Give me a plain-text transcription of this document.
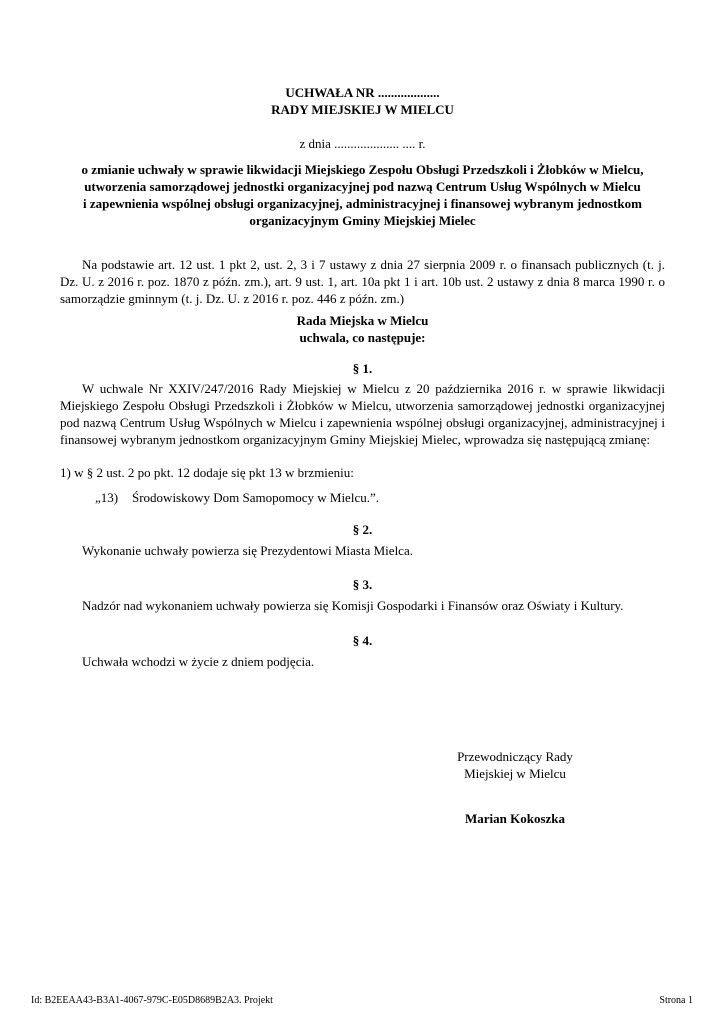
UCHWAŁA NR ...................
RADY MIEJSKIEJ W MIELCU
z dnia .................... .... r.
o zmianie uchwały w sprawie likwidacji Miejskiego Zespołu Obsługi Przedszkoli i Żłobków w Mielcu,
utworzenia samorządowej jednostki organizacyjnej pod nazwą Centrum Usług Wspólnych w Mielcu
i zapewnienia wspólnej obsługi organizacyjnej, administracyjnej i finansowej wybranym jednostkom
organizacyjnym Gminy Miejskiej Mielec
Na podstawie art. 12 ust. 1 pkt 2, ust. 2, 3 i 7 ustawy z dnia 27 sierpnia 2009 r. o finansach publicznych (t. j. Dz. U. z 2016 r. poz. 1870 z późn. zm.), art. 9 ust. 1, art. 10a pkt 1 i art. 10b ust. 2 ustawy z dnia 8 marca 1990 r. o samorządzie gminnym (t. j. Dz. U. z 2016 r. poz. 446 z późn. zm.)
Rada Miejska w Mielcu
uchwala, co następuje:
§ 1.
W uchwale Nr XXIV/247/2016 Rady Miejskiej w Mielcu z 20 października 2016 r. w sprawie likwidacji Miejskiego Zespołu Obsługi Przedszkoli i Żłobków w Mielcu, utworzenia samorządowej jednostki organizacyjnej pod nazwą Centrum Usług Wspólnych w Mielcu i zapewnienia wspólnej obsługi organizacyjnej, administracyjnej i finansowej wybranym jednostkom organizacyjnym Gminy Miejskiej Mielec, wprowadza się następującą zmianę:
1) w § 2 ust. 2 po pkt. 12 dodaje się pkt 13 w brzmieniu:
„13) Środowiskowy Dom Samopomocy w Mielcu.”.
§ 2.
Wykonanie uchwały powierza się Prezydentowi Miasta Mielca.
§ 3.
Nadzór nad wykonaniem uchwały powierza się Komisji Gospodarki i Finansów oraz Oświaty i Kultury.
§ 4.
Uchwała wchodzi w życie z dniem podjęcia.
Przewodniczący Rady
Miejskiej w Mielcu
Marian Kokoszka
Id: B2EEAA43-B3A1-4067-979C-E05D8689B2A3. Projekt	Strona 1
